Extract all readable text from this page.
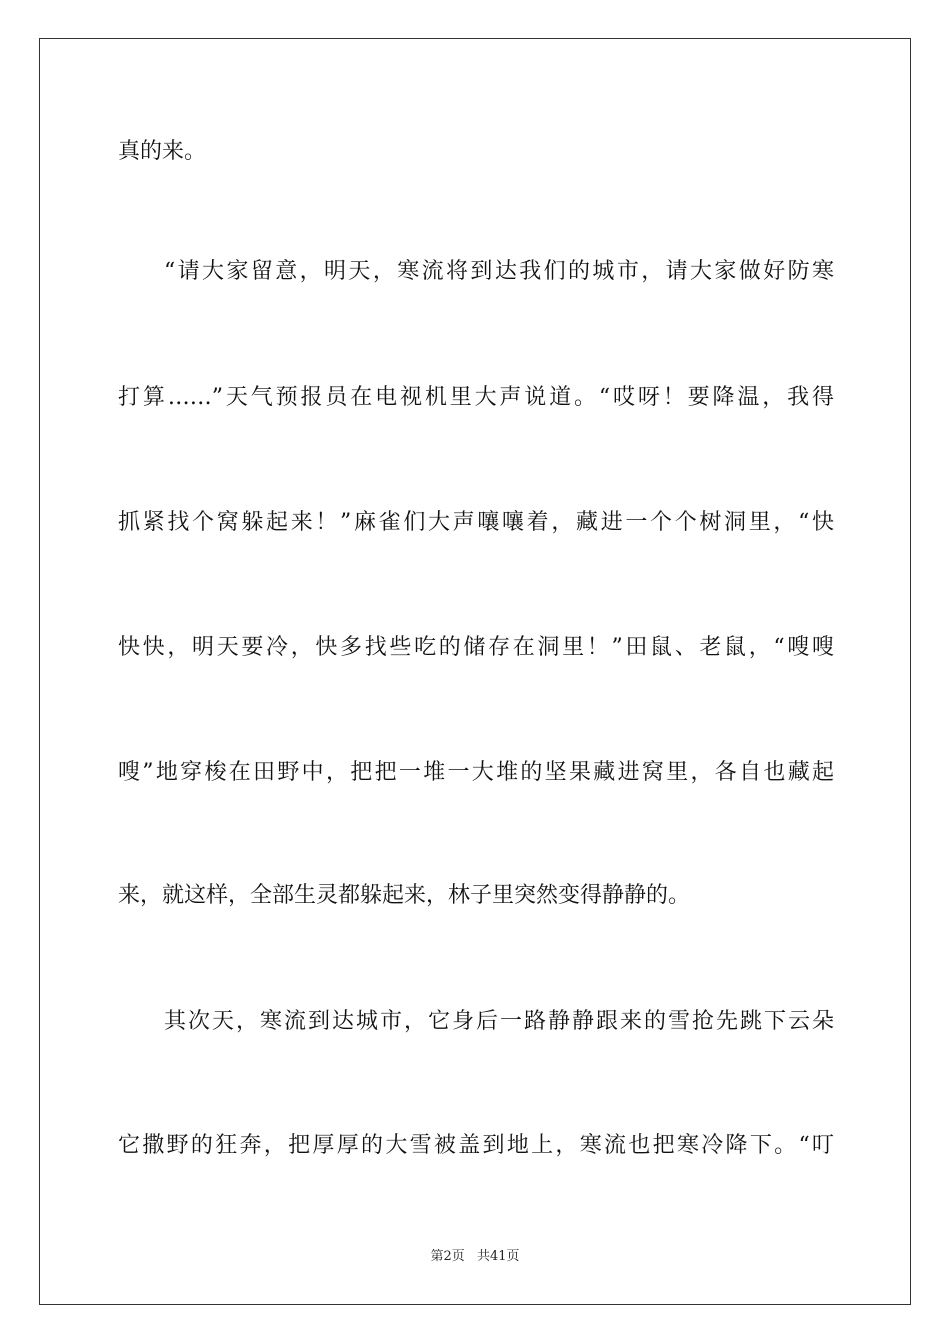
真的来。
“请大家留意，明天，寒流将到达我们的城市，请大家做好防寒
打算……”天气预报员在电视机里大声说道。“哎呀！要降温，我得
抓紧找个窝躲起来！”麻雀们大声嚷嚷着，藏进一个个树洞里，“快
快快，明天要冷，快多找些吃的储存在洞里！”田鼠、老鼠，“嗖嗖
嗖”地穿梭在田野中，把把一堆一大堆的坚果藏进窝里，各自也藏起
来，就这样，全部生灵都躲起来，林子里突然变得静静的。
其次天，寒流到达城市，它身后一路静静跟来的雪抢先跳下云朵
它撒野的狂奔，把厚厚的大雪被盖到地上，寒流也把寒冷降下。“叮
第2页 共41页
